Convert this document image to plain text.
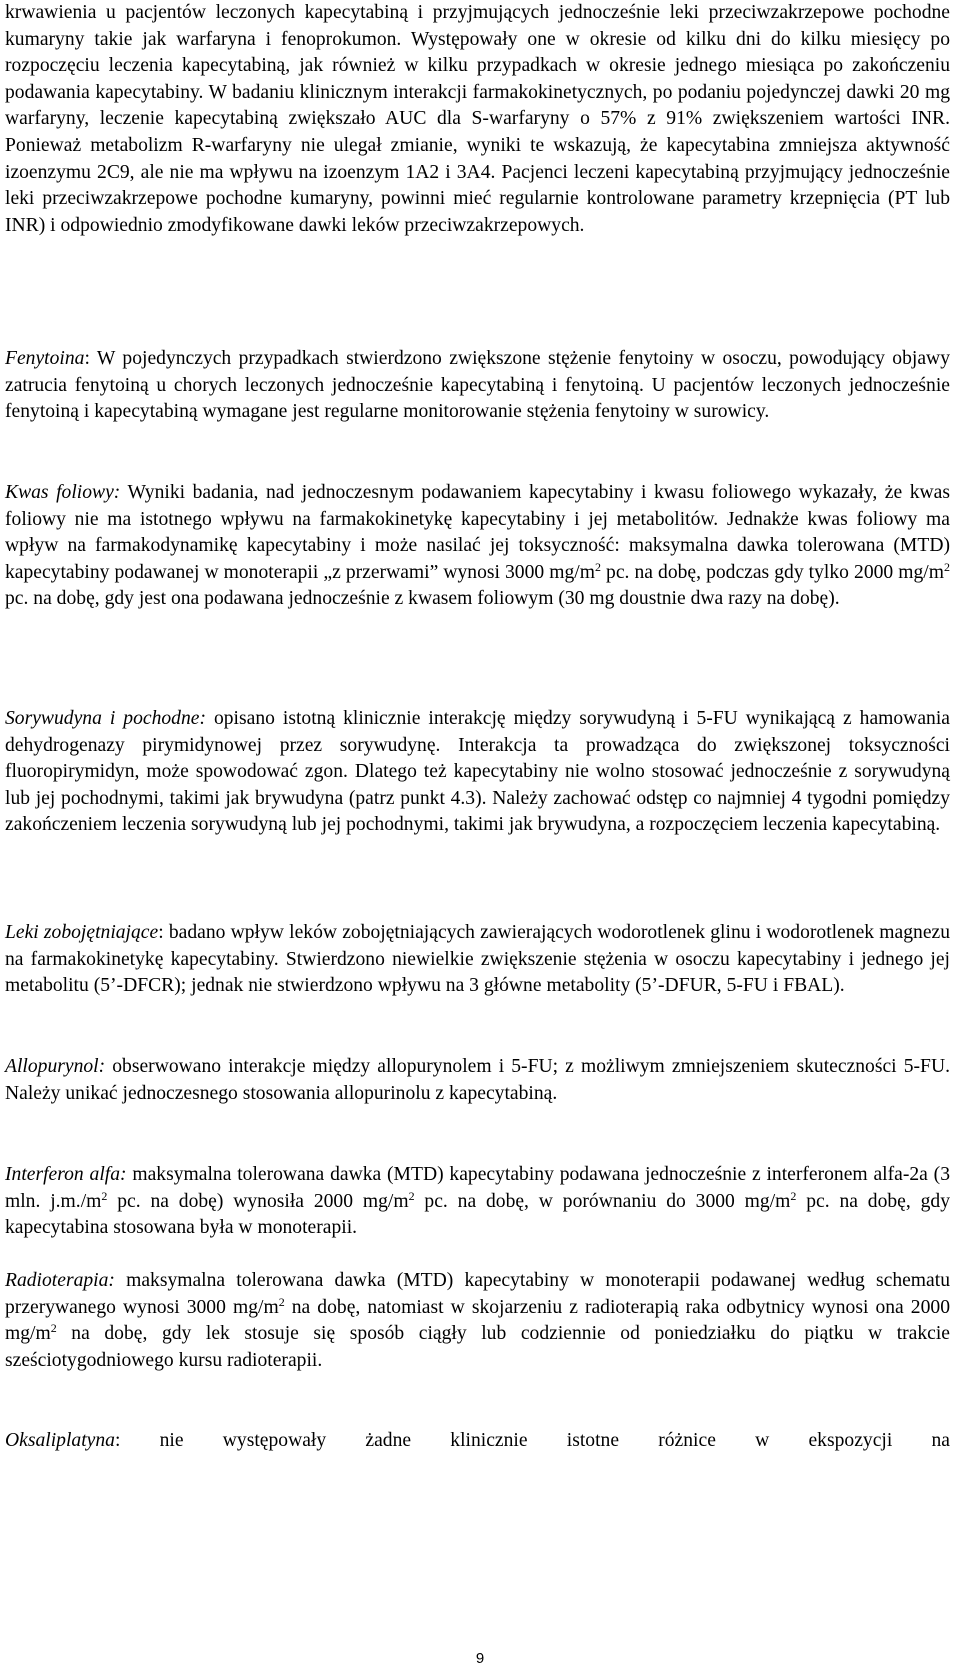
krwawienia u pacjentów leczonych kapecytabiną i przyjmujących jednocześnie leki przeciwzakrzepowe pochodne kumaryny takie jak warfaryna i fenoprokumon. Występowały one w okresie od kilku dni do kilku miesięcy po rozpoczęciu leczenia kapecytabiną, jak również w kilku przypadkach w okresie jednego miesiąca po zakończeniu podawania kapecytabiny. W badaniu klinicznym interakcji farmakokinetycznych, po podaniu pojedynczej dawki 20 mg warfaryny, leczenie kapecytabiną zwiększało AUC dla S-warfaryny o 57% z 91% zwiększeniem wartości INR. Ponieważ metabolizm R-warfaryny nie ulegał zmianie, wyniki te wskazują, że kapecytabina zmniejsza aktywność izoenzymu 2C9, ale nie ma wpływu na izoenzym 1A2 i 3A4. Pacjenci leczeni kapecytabiną przyjmujący jednocześnie leki przeciwzakrzepowe pochodne kumaryny, powinni mieć regularnie kontrolowane parametry krzepnięcia (PT lub INR) i odpowiednio zmodyfikowane dawki leków przeciwzakrzepowych.

Fenytoina: W pojedynczych przypadkach stwierdzono zwiększone stężenie fenytoiny w osoczu, powodujący objawy zatrucia fenytoiną u chorych leczonych jednocześnie kapecytabiną i fenytoiną. U pacjentów leczonych jednocześnie fenytoiną i kapecytabiną wymagane jest regularne monitorowanie stężenia fenytoiny w surowicy.

Kwas foliowy: Wyniki badania, nad jednoczesnym podawaniem kapecytabiny i kwasu foliowego wykazały, że kwas foliowy nie ma istotnego wpływu na farmakokinetykę kapecytabiny i jej metabolitów. Jednakże kwas foliowy ma wpływ na farmakodynamikę kapecytabiny i może nasilać jej toksyczność: maksymalna dawka tolerowana (MTD) kapecytabiny podawanej w monoterapii „z przerwami” wynosi 3000 $mg/m^2$ pc. na dobę, podczas gdy tylko 2000 $mg/m^2$ pc. na dobę, gdy jest ona podawana jednocześnie z kwasem foliowym (30 mg doustnie dwa razy na dobę).

Sorywudyna i pochodne: opisano istotną klinicznie interakcję między sorywudyną i 5-FU wynikającą z hamowania dehydrogenazy pirymidynowej przez sorywudynę. Interakcja ta prowadząca do zwiększonej toksyczności fluoropirymidyn, może spowodować zgon. Dlatego też kapecytabiny nie wolno stosować jednocześnie z sorywudyną lub jej pochodnymi, takimi jak brywudyna (patrz punkt 4.3). Należy zachować odstęp co najmniej 4 tygodni pomiędzy zakończeniem leczenia sorywudyną lub jej pochodnymi, takimi jak brywudyna, a rozpoczęciem leczenia kapecytabiną.

Leki zobojętniające: badano wpływ leków zobojętniających zawierających wodorotlenek glinu i wodorotlenek magnezu na farmakokinetykę kapecytabiny. Stwierdzono niewielkie zwiększenie stężenia w osoczu kapecytabiny i jednego jej metabolitu (5’-DFCR); jednak nie stwierdzono wpływu na 3 główne metabolity (5’-DFUR, 5-FU i FBAL).

Allopurynol: obserwowano interakcje między allopurynolem i 5-FU; z możliwym zmniejszeniem skuteczności 5-FU. Należy unikać jednoczesnego stosowania allopurinolu z kapecytabiną.

Interferon alfa: maksymalna tolerowana dawka (MTD) kapecytabiny podawana jednocześnie z interferonem alfa-2a (3 mln. $j.m./m^2$ pc. na dobę) wynosiła 2000 $mg/m^2$ pc. na dobę, w porównaniu do 3000 $mg/m^2$ pc. na dobę, gdy kapecytabina stosowana była w monoterapii.

Radioterapia: maksymalna tolerowana dawka (MTD) kapecytabiny w monoterapii podawanej według schematu przerywanego wynosi 3000 $mg/m^2$ na dobę, natomiast w skojarzeniu z radioterapią raka odbytnicy wynosi ona 2000 $mg/m^2$ na dobę, gdy lek stosuje się sposób ciągły lub codziennie od poniedziałku do piątku w trakcie sześciotygodniowego kursu radioterapii.

Oksaliplatyna: nie występowały żadne klinicznie istotne różnice w ekspozycji na

9
